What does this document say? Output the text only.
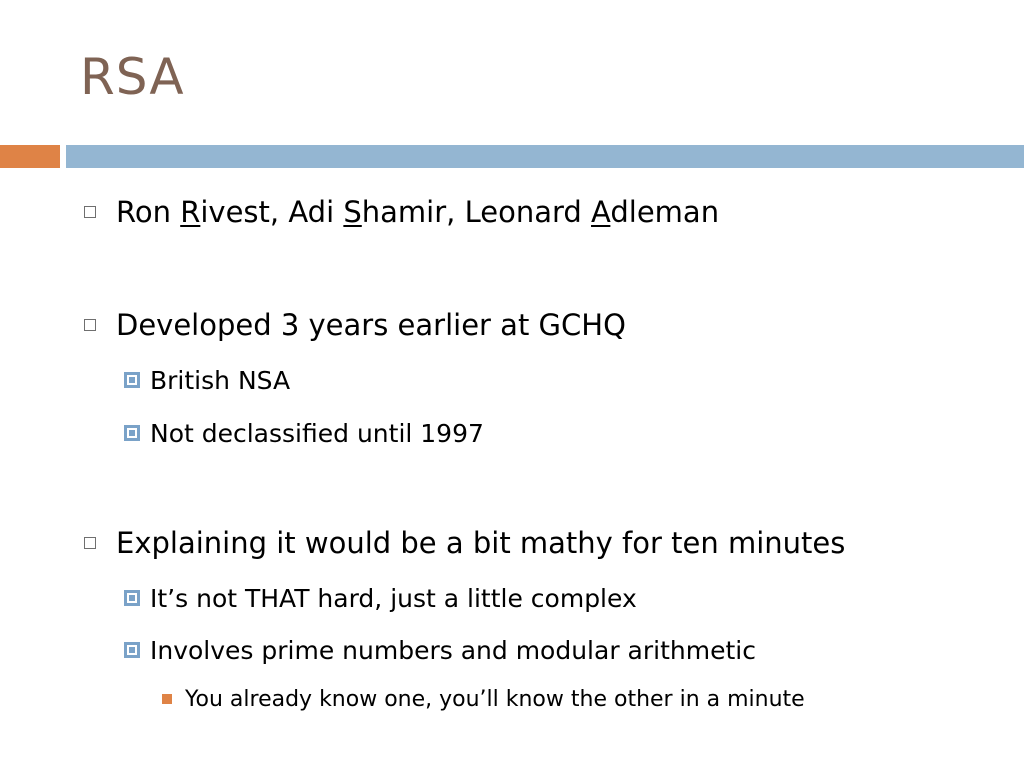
RSA
Ron Rivest, Adi Shamir, Leonard Adleman
Developed 3 years earlier at GCHQ
British NSA
Not declassified until 1997
Explaining it would be a bit mathy for ten minutes
It’s not THAT hard, just a little complex
Involves prime numbers and modular arithmetic
You already know one, you’ll know the other in a minute
